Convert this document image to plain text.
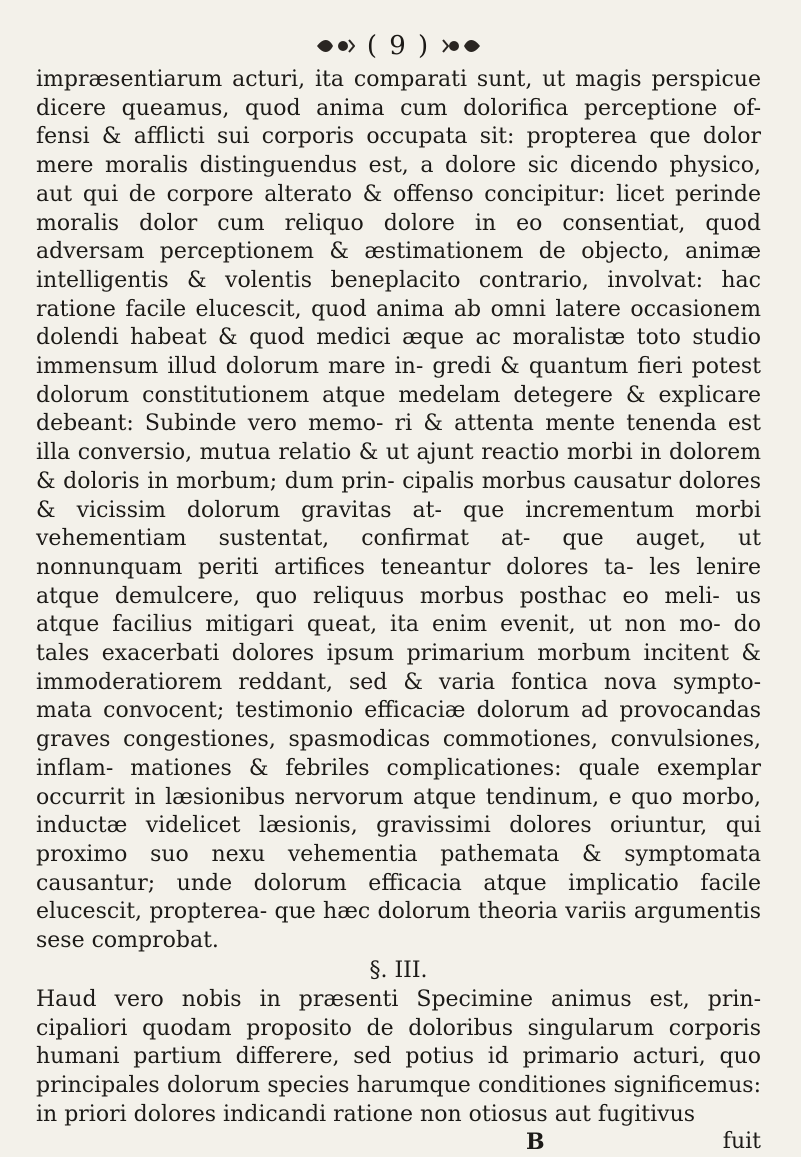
( 9 )

impræsentiarum acturi, ita comparati sunt, ut magis perspicue dicere queamus, quod anima cum dolorifica perceptione of- fensi & afflicti sui corporis occupata sit: propterea que dolor mere moralis distinguendus est, a dolore sic dicendo physico, aut qui de corpore alterato & offenso concipitur: licet perinde moralis dolor cum reliquo dolore in eo consentiat, quod adversam perceptionem & æstimationem de objecto, animæ intelligentis & volentis beneplacito contrario, involvat: hac ratione facile elucescit, quod anima ab omni latere occasionem dolendi habeat & quod medici æque ac moralistæ toto studio immensum illud dolorum mare in- gredi & quantum fieri potest dolorum constitutionem atque medelam detegere & explicare debeant: Subinde vero memo- ri & attenta mente tenenda est illa conversio, mutua relatio & ut ajunt reactio morbi in dolorem & doloris in morbum; dum prin- cipalis morbus causatur dolores & vicissim dolorum gravitas at- que incrementum morbi vehementiam sustentat, confirmat at- que auget, ut nonnunquam periti artifices teneantur dolores ta- les lenire atque demulcere, quo reliquus morbus posthac eo meli- us atque facilius mitigari queat, ita enim evenit, ut non mo- do tales exacerbati dolores ipsum primarium morbum incitent & immoderatiorem reddant, sed & varia fontica nova sympto- mata convocent; testimonio efficaciæ dolorum ad provocandas graves congestiones, spasmodicas commotiones, convulsiones, inflam- mationes & febriles complicationes: quale exemplar occurrit in læsionibus nervorum atque tendinum, e quo morbo, inductæ videlicet læsionis, gravissimi dolores oriuntur, qui proximo suo nexu vehementia pathemata & symptomata causantur; unde dolorum efficacia atque implicatio facile elucescit, propterea- que hæc dolorum theoria variis argumentis sese comprobat.

§. III.

Haud vero nobis in præsenti Specimine animus est, prin- cipaliori quodam proposito de doloribus singularum corporis humani partium differere, sed potius id primario acturi, quo principales dolorum species harumque conditiones significemus: in priori dolores indicandi ratione non otiosus aut fugitivus

B	fuit
